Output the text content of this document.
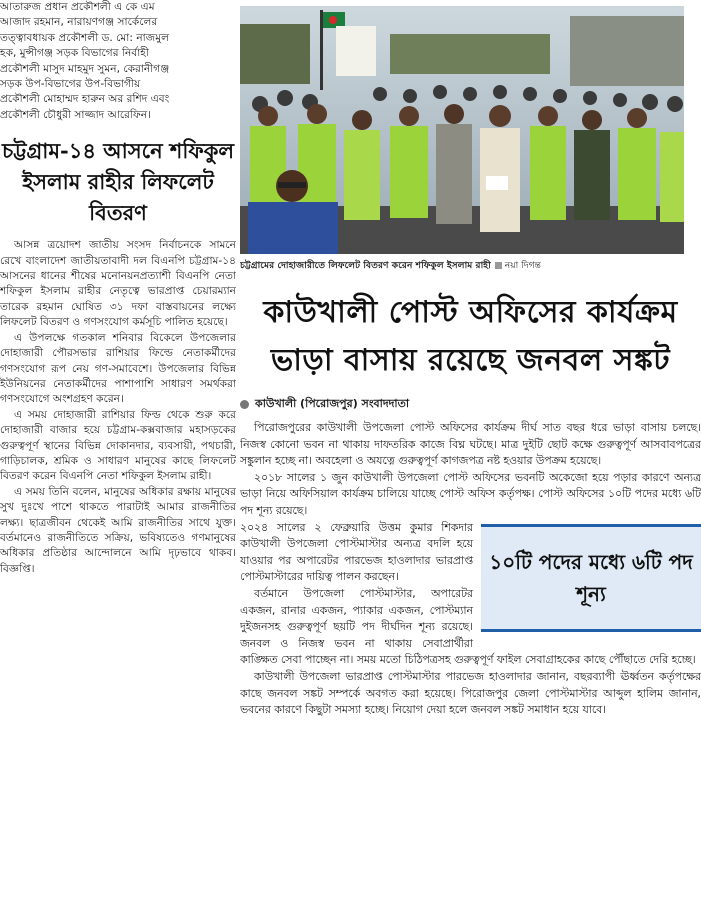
আতারুজ প্রধান প্রকৌশলী এ কে এম

আজাদ রহমান, নারায়ণগঞ্জ সার্কেলের

তত্ত্বাবধায়ক প্রকৌশলী ড. মো: নাজমুল

হক, মুন্সীগঞ্জ সড়ক বিভাগের নির্বাহী

প্রকৌশলী মাসুদ মাহমুদ সুমন, কেরানীগঞ্জ

সড়ক উপ-বিভাগের উপ-বিভাগীয়

প্রকৌশলী মোহাম্মদ হারুন অর রশিদ এবং

প্রকৌশলী চৌধুরী সাজ্জাদ আরেফিন।

চট্টগ্রাম-১৪ আসনে শফিকুল ইসলাম রাহীর লিফলেট বিতরণ

আসন্ন ত্রয়োদশ জাতীয় সংসদ নির্বাচনকে সামনে রেখে বাংলাদেশ জাতীয়তাবাদী দল বিএনপি চট্টগ্রাম-১৪ আসনের ধানের শীষের মনোনয়নপ্রত্যাশী বিএনপি নেতা শফিকুল ইসলাম রাহীর নেতৃত্বে ভারপ্রাপ্ত চেয়ারম্যান তারেক রহমান ঘোষিত ৩১ দফা বাস্তবায়নের লক্ষ্যে লিফলেট বিতরণ ও গণসংযোগ কর্মসূচি পালিত হয়েছে।

এ উপলক্ষে গতকাল শনিবার বিকেলে উপজেলার দোহাজারী পৌরসভার রাশিয়ার ফিল্ডে নেতাকর্মীদের গণসংযোগ রূপ নেয় গণ-সমাবেশে। উপজেলার বিভিন্ন ইউনিয়নের নেতাকর্মীদের পাশাপাশি সাধারণ সমর্থকরা গণসংযোগে অংশগ্রহণ করেন।

এ সময় দোহাজারী রাশিয়ার ফিল্ড থেকে শুরু করে দোহাজারী বাজার হয়ে চট্টগ্রাম-কক্সবাজার মহাসড়কের গুরুত্বপূর্ণ স্থানের বিভিন্ন দোকানদার, ব্যবসায়ী, পথচারী, গাড়িচালক, শ্রমিক ও সাধারণ মানুষের কাছে লিফলেট বিতরণ করেন বিএনপি নেতা শফিকুল ইসলাম রাহী।

এ সময় তিনি বলেন, মানুষের অধিকার রক্ষায় মানুষের সুখ দুঃখে পাশে থাকতে পারাটাই আমার রাজনীতির লক্ষ্য। ছাত্রজীবন থেকেই আমি রাজনীতির সাথে যুক্ত। বর্তমানেও রাজনীতিতে সক্রিয়, ভবিষ্যতেও গণমানুষের অধিকার প্রতিষ্ঠার আন্দোলনে আমি দৃঢ়ভাবে থাকব। বিজ্ঞপ্তি।

চট্টগ্রামের দোহাজারীতে লিফলেট বিতরণ করেন শফিকুল ইসলাম রাহী নয়া দিগন্ত
কাউখালী পোস্ট অফিসের কার্যক্রম ভাড়া বাসায় রয়েছে জনবল সঙ্কট
কাউখালী (পিরোজপুর) সংবাদদাতা

পিরোজপুরের কাউখালী উপজেলা পোস্ট অফিসের কার্যক্রম দীর্ঘ সাত বছর ধরে ভাড়া বাসায় চলছে। নিজস্ব কোনো ভবন না থাকায় দাফতরিক কাজে বিঘ্ন ঘটছে। মাত্র দুইটি ছোট কক্ষে গুরুত্বপূর্ণ আসবাবপত্রের সঙ্কুলান হচ্ছে না। অবহেলা ও অযত্নে গুরুত্বপূর্ণ কাগজপত্র নষ্ট হওয়ার উপক্রম হয়েছে।

২০১৮ সালের ১ জুন কাউখালী উপজেলা পোস্ট অফিসের ভবনটি অকেজো হয়ে পড়ার কারণে অন্যত্র ভাড়া নিয়ে অফিসিয়াল কার্যক্রম চালিয়ে যাচ্ছে পোস্ট অফিস কর্তৃপক্ষ। পোস্ট অফিসের ১০টি পদের মধ্যে ৬টি পদ শূন্য রয়েছে।

১০টি পদের মধ্যে ৬টি পদ শূন্য

২০২৪ সালের ২ ফেব্রুয়ারি উত্তম কুমার শিকদার কাউখালী উপজেলা পোস্টমাস্টার অন্যত্র বদলি হয়ে যাওয়ার পর অপারেটর পারভেজ হাওলাদার ভারপ্রাপ্ত পোস্টমাস্টারের দায়িত্ব পালন করছেন।

বর্তমানে উপজেলা পোস্টমাস্টার, অপারেটর একজন, রানার একজন, প্যাকার একজন, পোস্টম্যান দুইজনসহ গুরুত্বপূর্ণ ছয়টি পদ দীর্ঘদিন শূন্য রয়েছে। জনবল ও নিজস্ব ভবন না থাকায় সেবাপ্রার্থীরা কাঙ্ক্ষিত সেবা পাচ্ছেন না। সময় মতো চিঠিপত্রসহ গুরুত্বপূর্ণ ফাইল সেবাগ্রাহকের কাছে পৌঁছাতে দেরি হচ্ছে।

কাউখালী উপজেলা ভারপ্রাপ্ত পোস্টমাস্টার পারভেজ হাওলাদার জানান, বছরব্যাপী ঊর্ধ্বতন কর্তৃপক্ষের কাছে জনবল সঙ্কট সম্পর্কে অবগত করা হয়েছে। পিরোজপুর জেলা পোস্টমাস্টার আব্দুল হালিম জানান, ভবনের কারণে কিছুটা সমস্যা হচ্ছে। নিয়োগ দেয়া হলে জনবল সঙ্কট সমাধান হয়ে যাবে।
